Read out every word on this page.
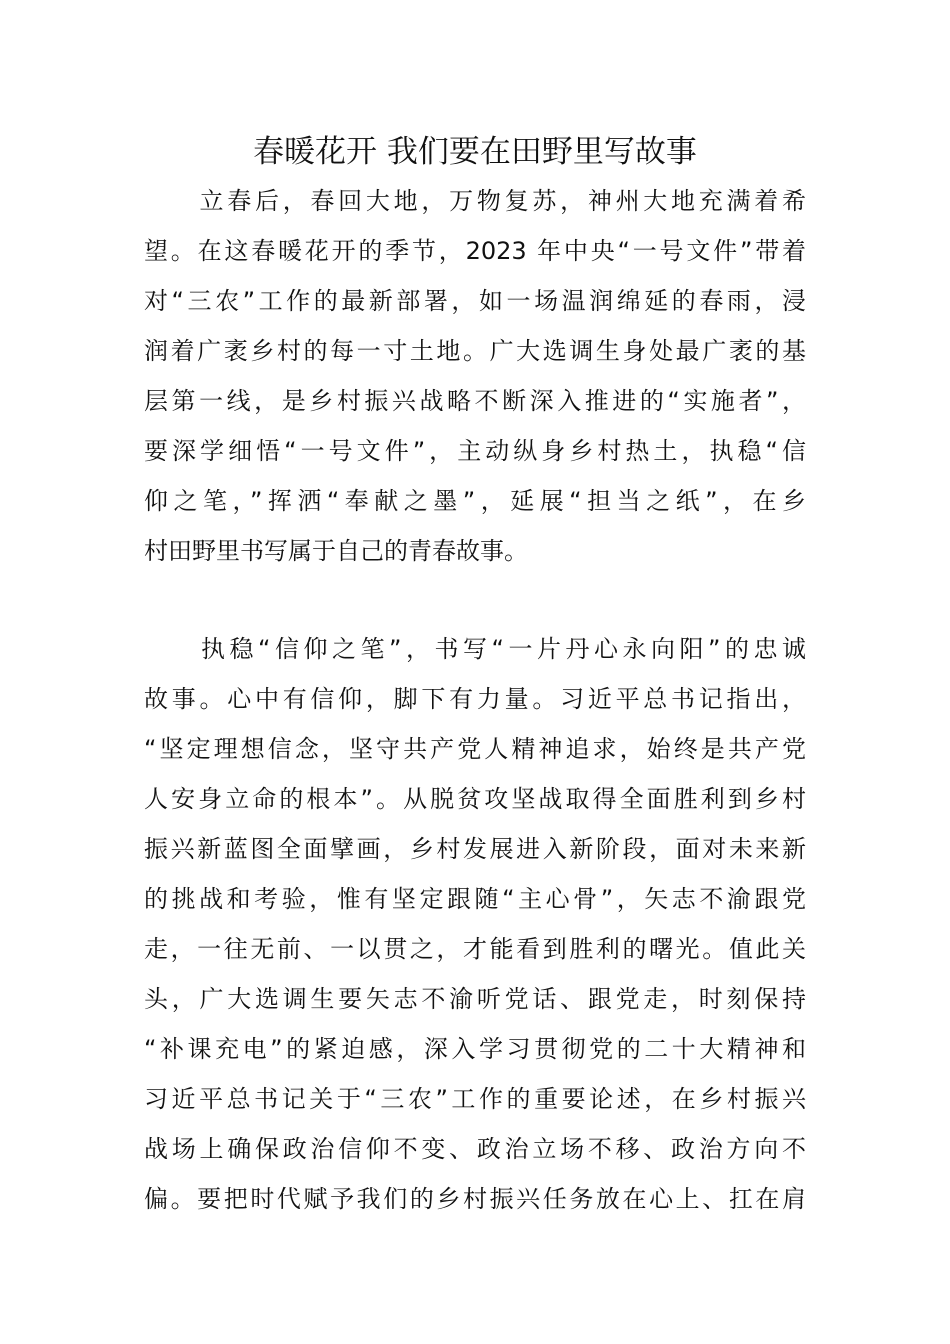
春暖花开 我们要在田野里写故事
　　立春后，春回大地，万物复苏，神州大地充满着希
望。在这春暖花开的季节，2023 年中央“一号文件”带着
对“三农”工作的最新部署，如一场温润绵延的春雨，浸
润着广袤乡村的每一寸土地。广大选调生身处最广袤的基
层第一线，是乡村振兴战略不断深入推进的“实施者”，
要深学细悟“一号文件”，主动纵身乡村热土，执稳“信
仰之笔，”挥洒“奉献之墨”，延展“担当之纸”，在乡
村田野里书写属于自己的青春故事。
　　执稳“信仰之笔”，书写“一片丹心永向阳”的忠诚
故事。心中有信仰，脚下有力量。习近平总书记指出，
“坚定理想信念，坚守共产党人精神追求，始终是共产党
人安身立命的根本”。从脱贫攻坚战取得全面胜利到乡村
振兴新蓝图全面擘画，乡村发展进入新阶段，面对未来新
的挑战和考验，惟有坚定跟随“主心骨”，矢志不渝跟党
走，一往无前、一以贯之，才能看到胜利的曙光。值此关
头，广大选调生要矢志不渝听党话、跟党走，时刻保持
“补课充电”的紧迫感，深入学习贯彻党的二十大精神和
习近平总书记关于“三农”工作的重要论述，在乡村振兴
战场上确保政治信仰不变、政治立场不移、政治方向不
偏。要把时代赋予我们的乡村振兴任务放在心上、扛在肩
